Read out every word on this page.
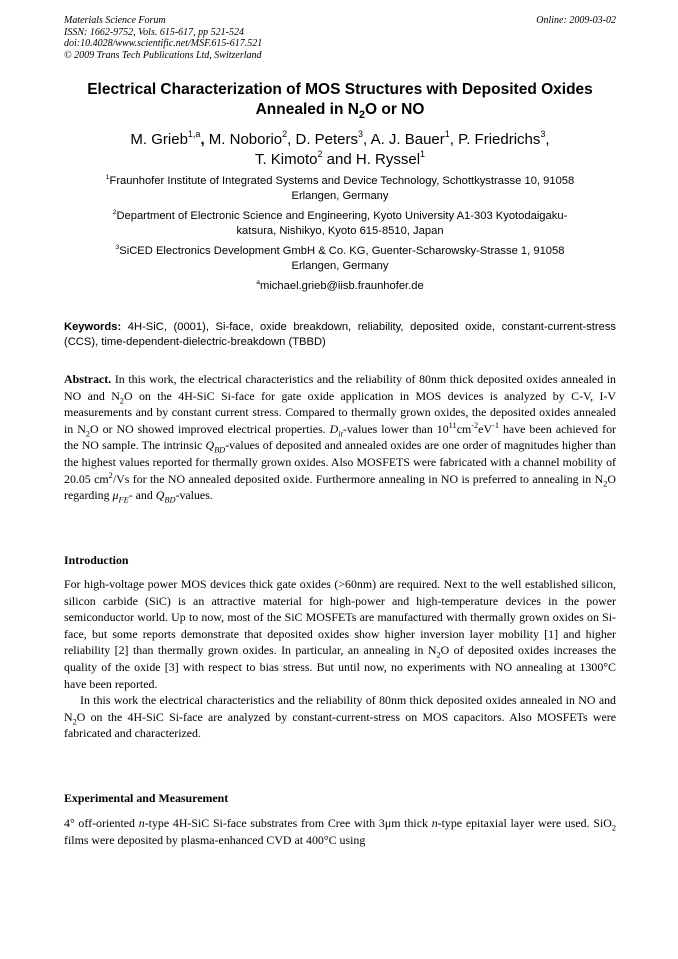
Materials Science Forum
ISSN: 1662-9752, Vols. 615-617, pp 521-524
doi:10.4028/www.scientific.net/MSF.615-617.521
© 2009 Trans Tech Publications Ltd, Switzerland
Online: 2009-03-02
Electrical Characterization of MOS Structures with Deposited Oxides
Annealed in $N_2O$ or NO
M. Grieb$^{1,a}$, M. Noborio$^2$, D. Peters$^3$, A. J. Bauer$^1$, P. Friedrichs$^3$,
T. Kimoto$^2$ and H. Ryssel$^1$
$^1$Fraunhofer Institute of Integrated Systems and Device Technology, Schottkystrasse 10, 91058
Erlangen, Germany
$^2$Department of Electronic Science and Engineering, Kyoto University A1-303 Kyotodaigaku-
katsura, Nishikyo, Kyoto 615-8510, Japan
$^3$SiCED Electronics Development GmbH & Co. KG, Guenter-Scharowsky-Strasse 1, 91058
Erlangen, Germany
$^a$michael.grieb@iisb.fraunhofer.de
Keywords: 4H-SiC, (0001), Si-face, oxide breakdown, reliability, deposited oxide, constant-current-stress (CCS), time-dependent-dielectric-breakdown (TBBD)

Abstract. In this work, the electrical characteristics and the reliability of 80nm thick deposited oxides annealed in NO and $N_2O$ on the 4H-SiC Si-face for gate oxide application in MOS devices is analyzed by C-V, I-V measurements and by constant current stress. Compared to thermally grown oxides, the deposited oxides annealed in $N_2O$ or NO showed improved electrical properties. $D_{it}$-values lower than $10^{11}cm^{-2}eV^{-1}$ have been achieved for the NO sample. The intrinsic $Q_{BD}$-values of deposited and annealed oxides are one order of magnitudes higher than the highest values reported for thermally grown oxides. Also MOSFETS were fabricated with a channel mobility of 20.05 $cm^2/Vs$ for the NO annealed deposited oxide. Furthermore annealing in NO is preferred to annealing in $N_2O$ regarding $\mu_{FE}-$ and $Q_{BD}$-values.

Introduction

For high-voltage power MOS devices thick gate oxides (>60nm) are required. Next to the well established silicon, silicon carbide (SiC) is an attractive material for high-power and high-temperature devices in the power semiconductor world. Up to now, most of the SiC MOSFETs are manufactured with thermally grown oxides on Si-face, but some reports demonstrate that deposited oxides show higher inversion layer mobility [1] and higher reliability [2] than thermally grown oxides. In particular, an annealing in $N_2O$ of deposited oxides increases the quality of the oxide [3] with respect to bias stress. But until now, no experiments with NO annealing at 1300°C have been reported.

In this work the electrical characteristics and the reliability of 80nm thick deposited oxides annealed in NO and $N_2O$ on the 4H-SiC Si-face are analyzed by constant-current-stress on MOS capacitors. Also MOSFETs were fabricated and characterized.

Experimental and Measurement

4° off-oriented n-type 4H-SiC Si-face substrates from Cree with 3μm thick n-type epitaxial layer were used. SiO$_2$ films were deposited by plasma-enhanced CVD at 400°C using
